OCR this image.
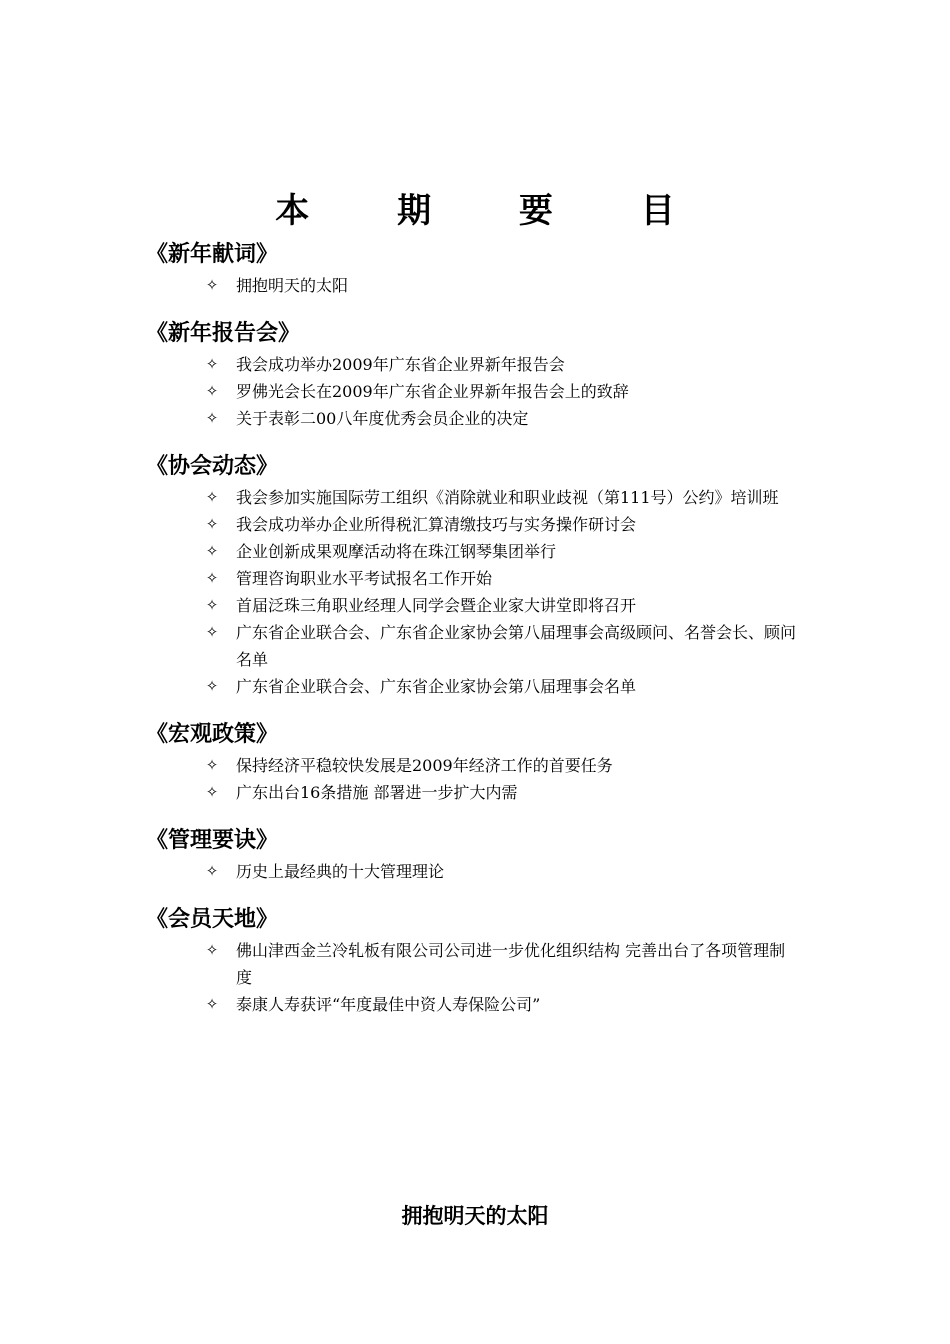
本 期 要 目
《新年献词》
✧	拥抱明天的太阳
《新年报告会》
✧	我会成功举办2009年广东省企业界新年报告会
✧	罗佛光会长在2009年广东省企业界新年报告会上的致辞
✧	关于表彰二00八年度优秀会员企业的决定
《协会动态》
✧	我会参加实施国际劳工组织《消除就业和职业歧视（第111号）公约》培训班
✧	我会成功举办企业所得税汇算清缴技巧与实务操作研讨会
✧	企业创新成果观摩活动将在珠江钢琴集团举行
✧	管理咨询职业水平考试报名工作开始
✧	首届泛珠三角职业经理人同学会暨企业家大讲堂即将召开
✧	广东省企业联合会、广东省企业家协会第八届理事会高级顾问、名誉会长、顾问名单
✧	广东省企业联合会、广东省企业家协会第八届理事会名单
《宏观政策》
✧	保持经济平稳较快发展是2009年经济工作的首要任务
✧	广东出台16条措施 部署进一步扩大内需
《管理要诀》
✧	历史上最经典的十大管理理论
《会员天地》
✧	佛山津西金兰冷轧板有限公司公司进一步优化组织结构 完善出台了各项管理制度
✧	泰康人寿获评“年度最佳中资人寿保险公司”
拥抱明天的太阳
